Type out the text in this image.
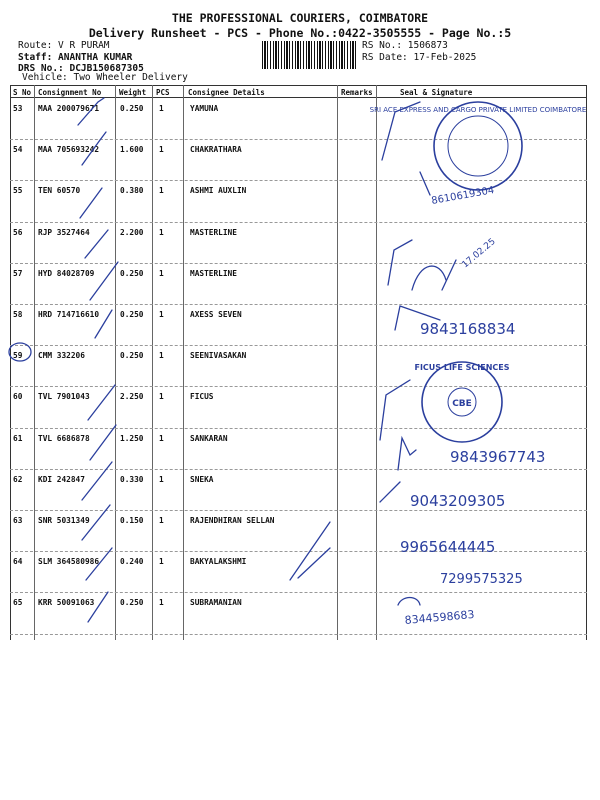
THE PROFESSIONAL COURIERS, COIMBATORE
Delivery Runsheet - PCS - Phone No.:0422-3505555 - Page No.:5
Route: V R PURAM
Staff: ANANTHA KUMAR
DRS No.: DCJB150687305
RS No.: 1506873
RS Date: 17-Feb-2025
Vehicle: Two Wheeler Delivery
S No Consignment No Weight PCS Consignee Details	Remarks	Seal & Signature
53 MAA 200079671	0.250 1	YAMUNA
54 MAA 705693242	1.600 1	CHAKRATHARA
55 TEN 60570	0.380 1	ASHMI AUXLIN
56 RJP 3527464	2.200 1	MASTERLINE
57 HYD 84028709	0.250 1	MASTERLINE
58 HRD 714716610	0.250 1	AXESS SEVEN
59 CMM 332206	0.250 1	SEENIVASAKAN
60 TVL 7901043	2.250 1	FICUS
61 TVL 6686878	1.250 1	SANKARAN
62 KDI 242847	0.330 1	SNEKA
63 SNR 5031349	0.150 1	RAJENDHIRAN SELLAN
64 SLM 364580986	0.240 1	BAKYALAKSHMI
65 KRR 50091063	0.250 1	SUBRAMANIAN
SRI ACE EXPRESS AND CARGO PRIVATE LIMITED COIMBATORE
FICUS LIFE SCIENCES
CBE
8610619304
17.02.25
9843168834
9843967743
9043209305
9965644445
7299575325
8344598683
